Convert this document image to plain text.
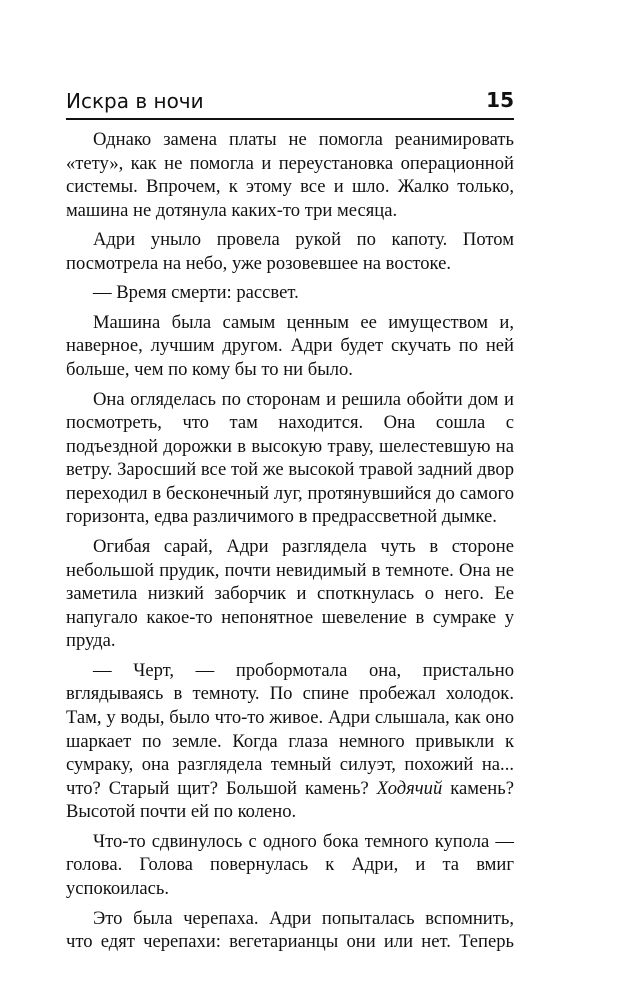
Искра в ночи	15

Однако замена платы не помогла реанимировать «тету», как не помогла и переустановка операционной системы. Впрочем, к этому все и шло. Жалко только, машина не дотянула каких-то три месяца.

Адри уныло провела рукой по капоту. Потом посмотрела на небо, уже розовевшее на востоке.

— Время смерти: рассвет.

Машина была самым ценным ее имуществом и, наверное, лучшим другом. Адри будет скучать по ней больше, чем по кому бы то ни было.

Она огляделась по сторонам и решила обойти дом и посмотреть, что там находится. Она сошла с подъездной дорожки в высокую траву, шелестевшую на ветру. Заросший все той же высокой травой задний двор переходил в бесконечный луг, протянувшийся до самого горизонта, едва различимого в предрассветной дымке.

Огибая сарай, Адри разглядела чуть в стороне небольшой прудик, почти невидимый в темноте. Она не заметила низкий заборчик и споткнулась о него. Ее напугало какое-то непонятное шевеление в сумраке у пруда.

— Черт, — пробормотала она, пристально вглядываясь в темноту. По спине пробежал холодок. Там, у воды, было что-то живое. Адри слышала, как оно шаркает по земле. Когда глаза немного привыкли к сумраку, она разглядела темный силуэт, похожий на... что? Старый щит? Большой камень? Ходячий камень? Высотой почти ей по колено.

Что-то сдвинулось с одного бока темного купола — голова. Голова повернулась к Адри, и та вмиг успокоилась.

Это была черепаха. Адри попыталась вспомнить, что едят черепахи: вегетарианцы они или нет. Теперь
